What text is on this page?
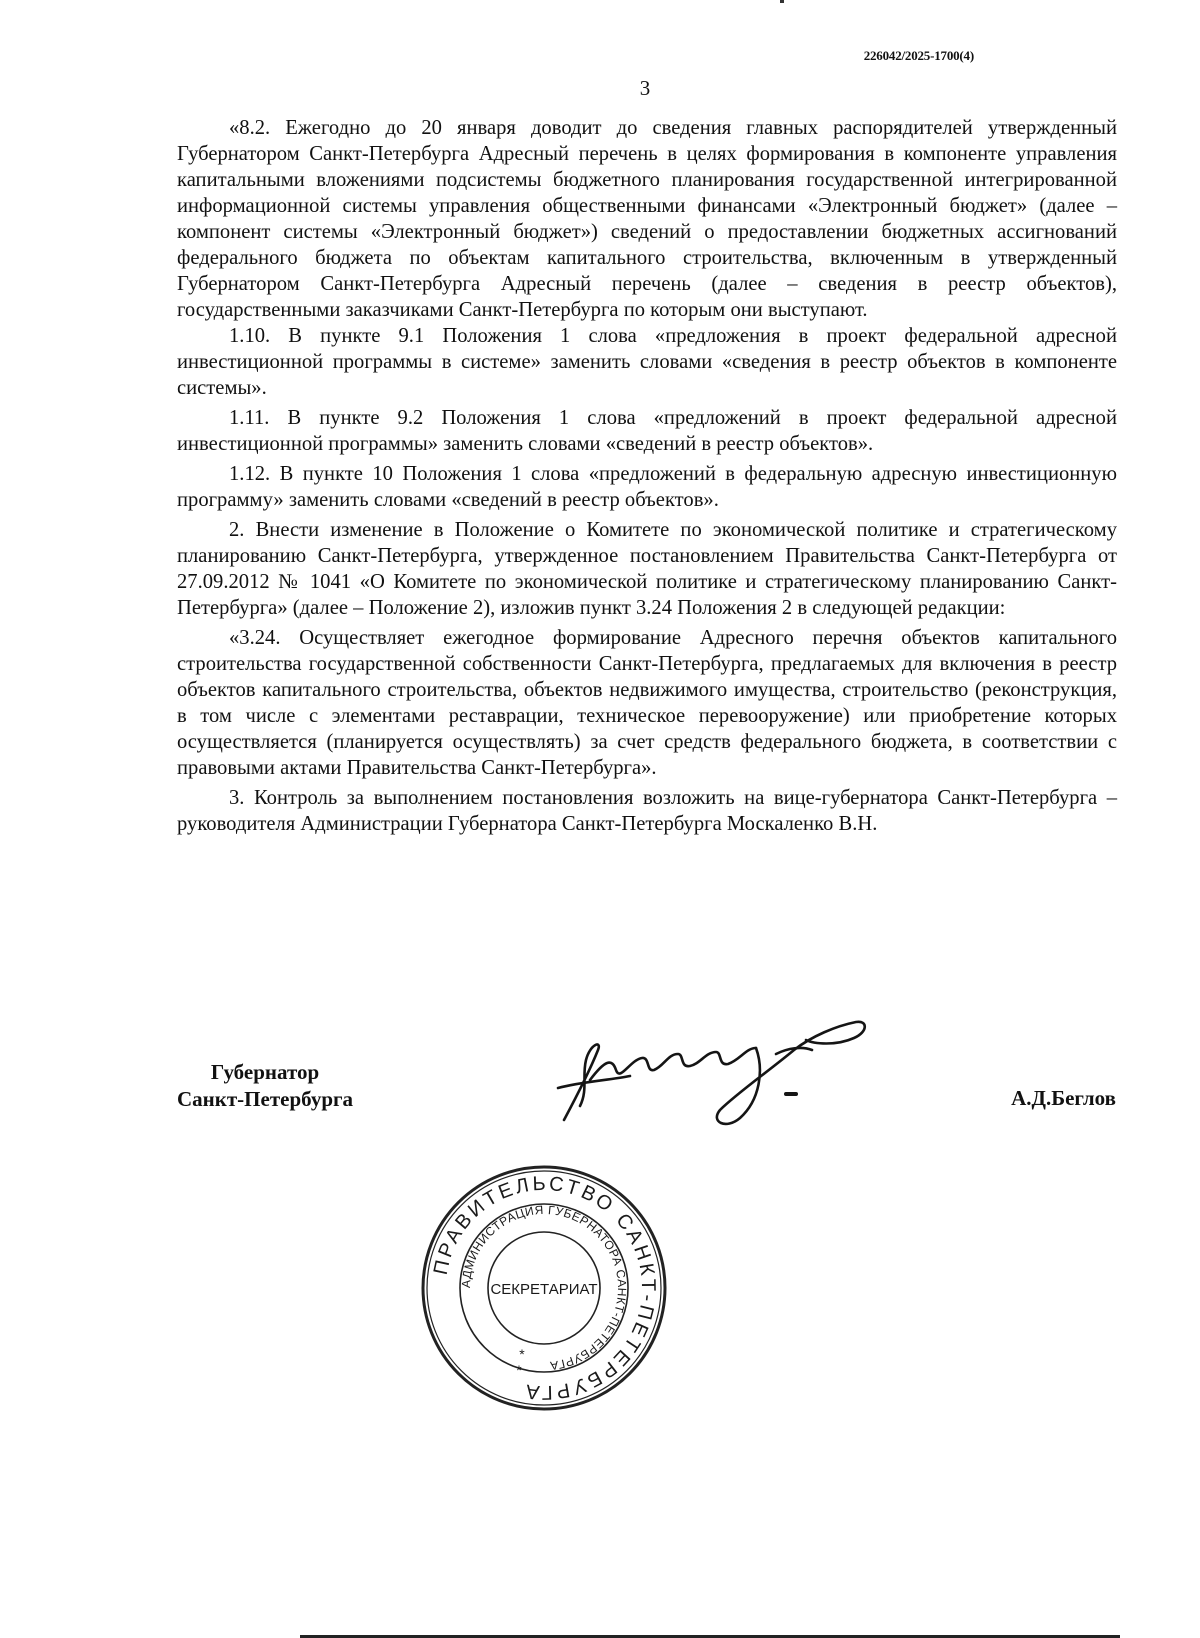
226042/2025-1700(4)
3

«8.2. Ежегодно до 20 января доводит до сведения главных распорядителей утвержденный Губернатором Санкт-Петербурга Адресный перечень в целях формирования в компоненте управления капитальными вложениями подсистемы бюджетного планирования государственной интегрированной информационной системы управления общественными финансами «Электронный бюджет» (далее – компонент системы «Электронный бюджет») сведений о предоставлении бюджетных ассигнований федерального бюджета по объектам капитального строительства, включенным в утвержденный Губернатором Санкт-Петербурга Адресный перечень (далее – сведения в реестр объектов), государственными заказчиками Санкт-Петербурга по которым они выступают.

1.10. В пункте 9.1 Положения 1 слова «предложения в проект федеральной адресной инвестиционной программы в системе» заменить словами «сведения в реестр объектов в компоненте системы».

1.11. В пункте 9.2 Положения 1 слова «предложений в проект федеральной адресной инвестиционной программы» заменить словами «сведений в реестр объектов».

1.12. В пункте 10 Положения 1 слова «предложений в федеральную адресную инвестиционную программу» заменить словами «сведений в реестр объектов».

2. Внести изменение в Положение о Комитете по экономической политике и стратегическому планированию Санкт-Петербурга, утвержденное постановлением Правительства Санкт-Петербурга от 27.09.2012 № 1041 «О Комитете по экономической политике и стратегическому планированию Санкт-Петербурга» (далее – Положение 2), изложив пункт 3.24 Положения 2 в следующей редакции:

«3.24. Осуществляет ежегодное формирование Адресного перечня объектов капитального строительства государственной собственности Санкт-Петербурга, предлагаемых для включения в реестр объектов капитального строительства, объектов недвижимого имущества, строительство (реконструкция, в том числе с элементами реставрации, техническое перевооружение) или приобретение которых осуществляется (планируется осуществлять) за счет средств федерального бюджета, в соответствии с правовыми актами Правительства Санкт-Петербурга».

3. Контроль за выполнением постановления возложить на вице-губернатора Санкт-Петербурга – руководителя Администрации Губернатора Санкт-Петербурга Москаленко В.Н.

Губернатор
Санкт-Петербурга	А.Д.Беглов
ПРАВИТЕЛЬСТВО САНКТ-ПЕТЕРБУРГА
АДМИНИСТРАЦИЯ ГУБЕРНАТОРА САНКТ-ПЕТЕРБУРГА
СЕКРЕТАРИАТ
*
*
